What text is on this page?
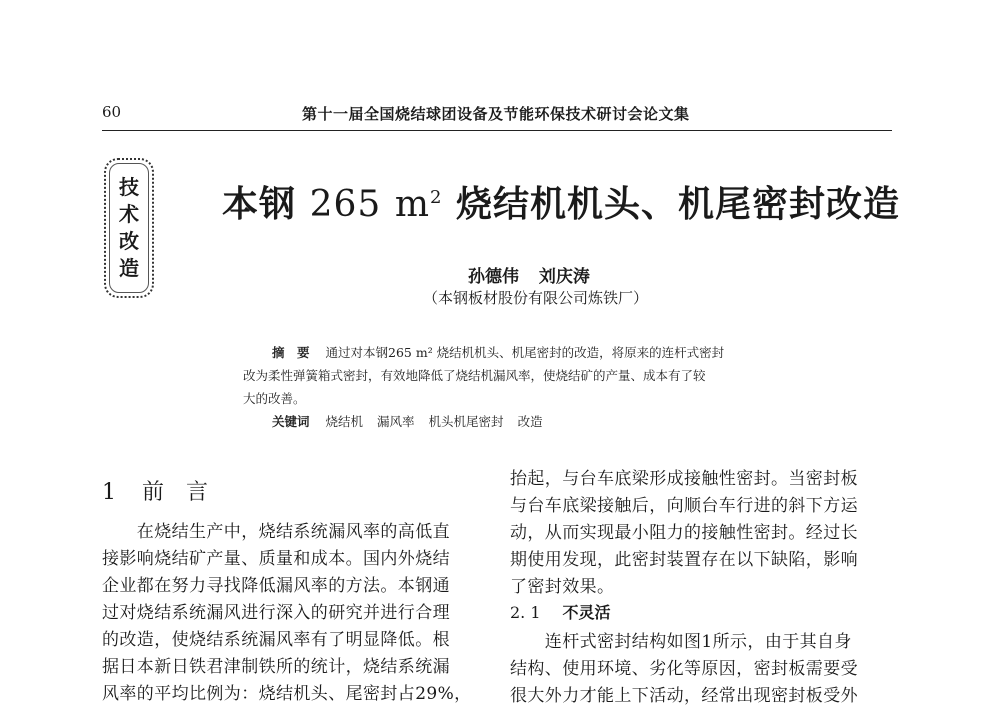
60	第十一届全国烧结球团设备及节能环保技术研讨会论文集
技
术
改
造
本钢 265 $m^2$ 烧结机机头、机尾密封改造
孙德伟 刘庆涛
（本钢板材股份有限公司炼铁厂）
摘　要 通过对本钢265 m² 烧结机机头、机尾密封的改造，将原来的连杆式密封
改为柔性弹簧箱式密封，有效地降低了烧结机漏风率，使烧结矿的产量、成本有了较
大的改善。
关键词 烧结机 漏风率 机头机尾密封 改造
1 前言
　　在烧结生产中，烧结系统漏风率的高低直
接影响烧结矿产量、质量和成本。国内外烧结
企业都在努力寻找降低漏风率的方法。本钢通
过对烧结系统漏风进行深入的研究并进行合理
的改造，使烧结系统漏风率有了明显降低。根
据日本新日铁君津制铁所的统计，烧结系统漏
风率的平均比例为：烧结机头、尾密封占29%，
抬起，与台车底梁形成接触性密封。当密封板
与台车底梁接触后，向顺台车行进的斜下方运
动，从而实现最小阻力的接触性密封。经过长
期使用发现，此密封装置存在以下缺陷，影响
了密封效果。
2. 1 不灵活
　　连杆式密封结构如图1所示，由于其自身
结构、使用环境、劣化等原因，密封板需要受
很大外力才能上下活动，经常出现密封板受外
